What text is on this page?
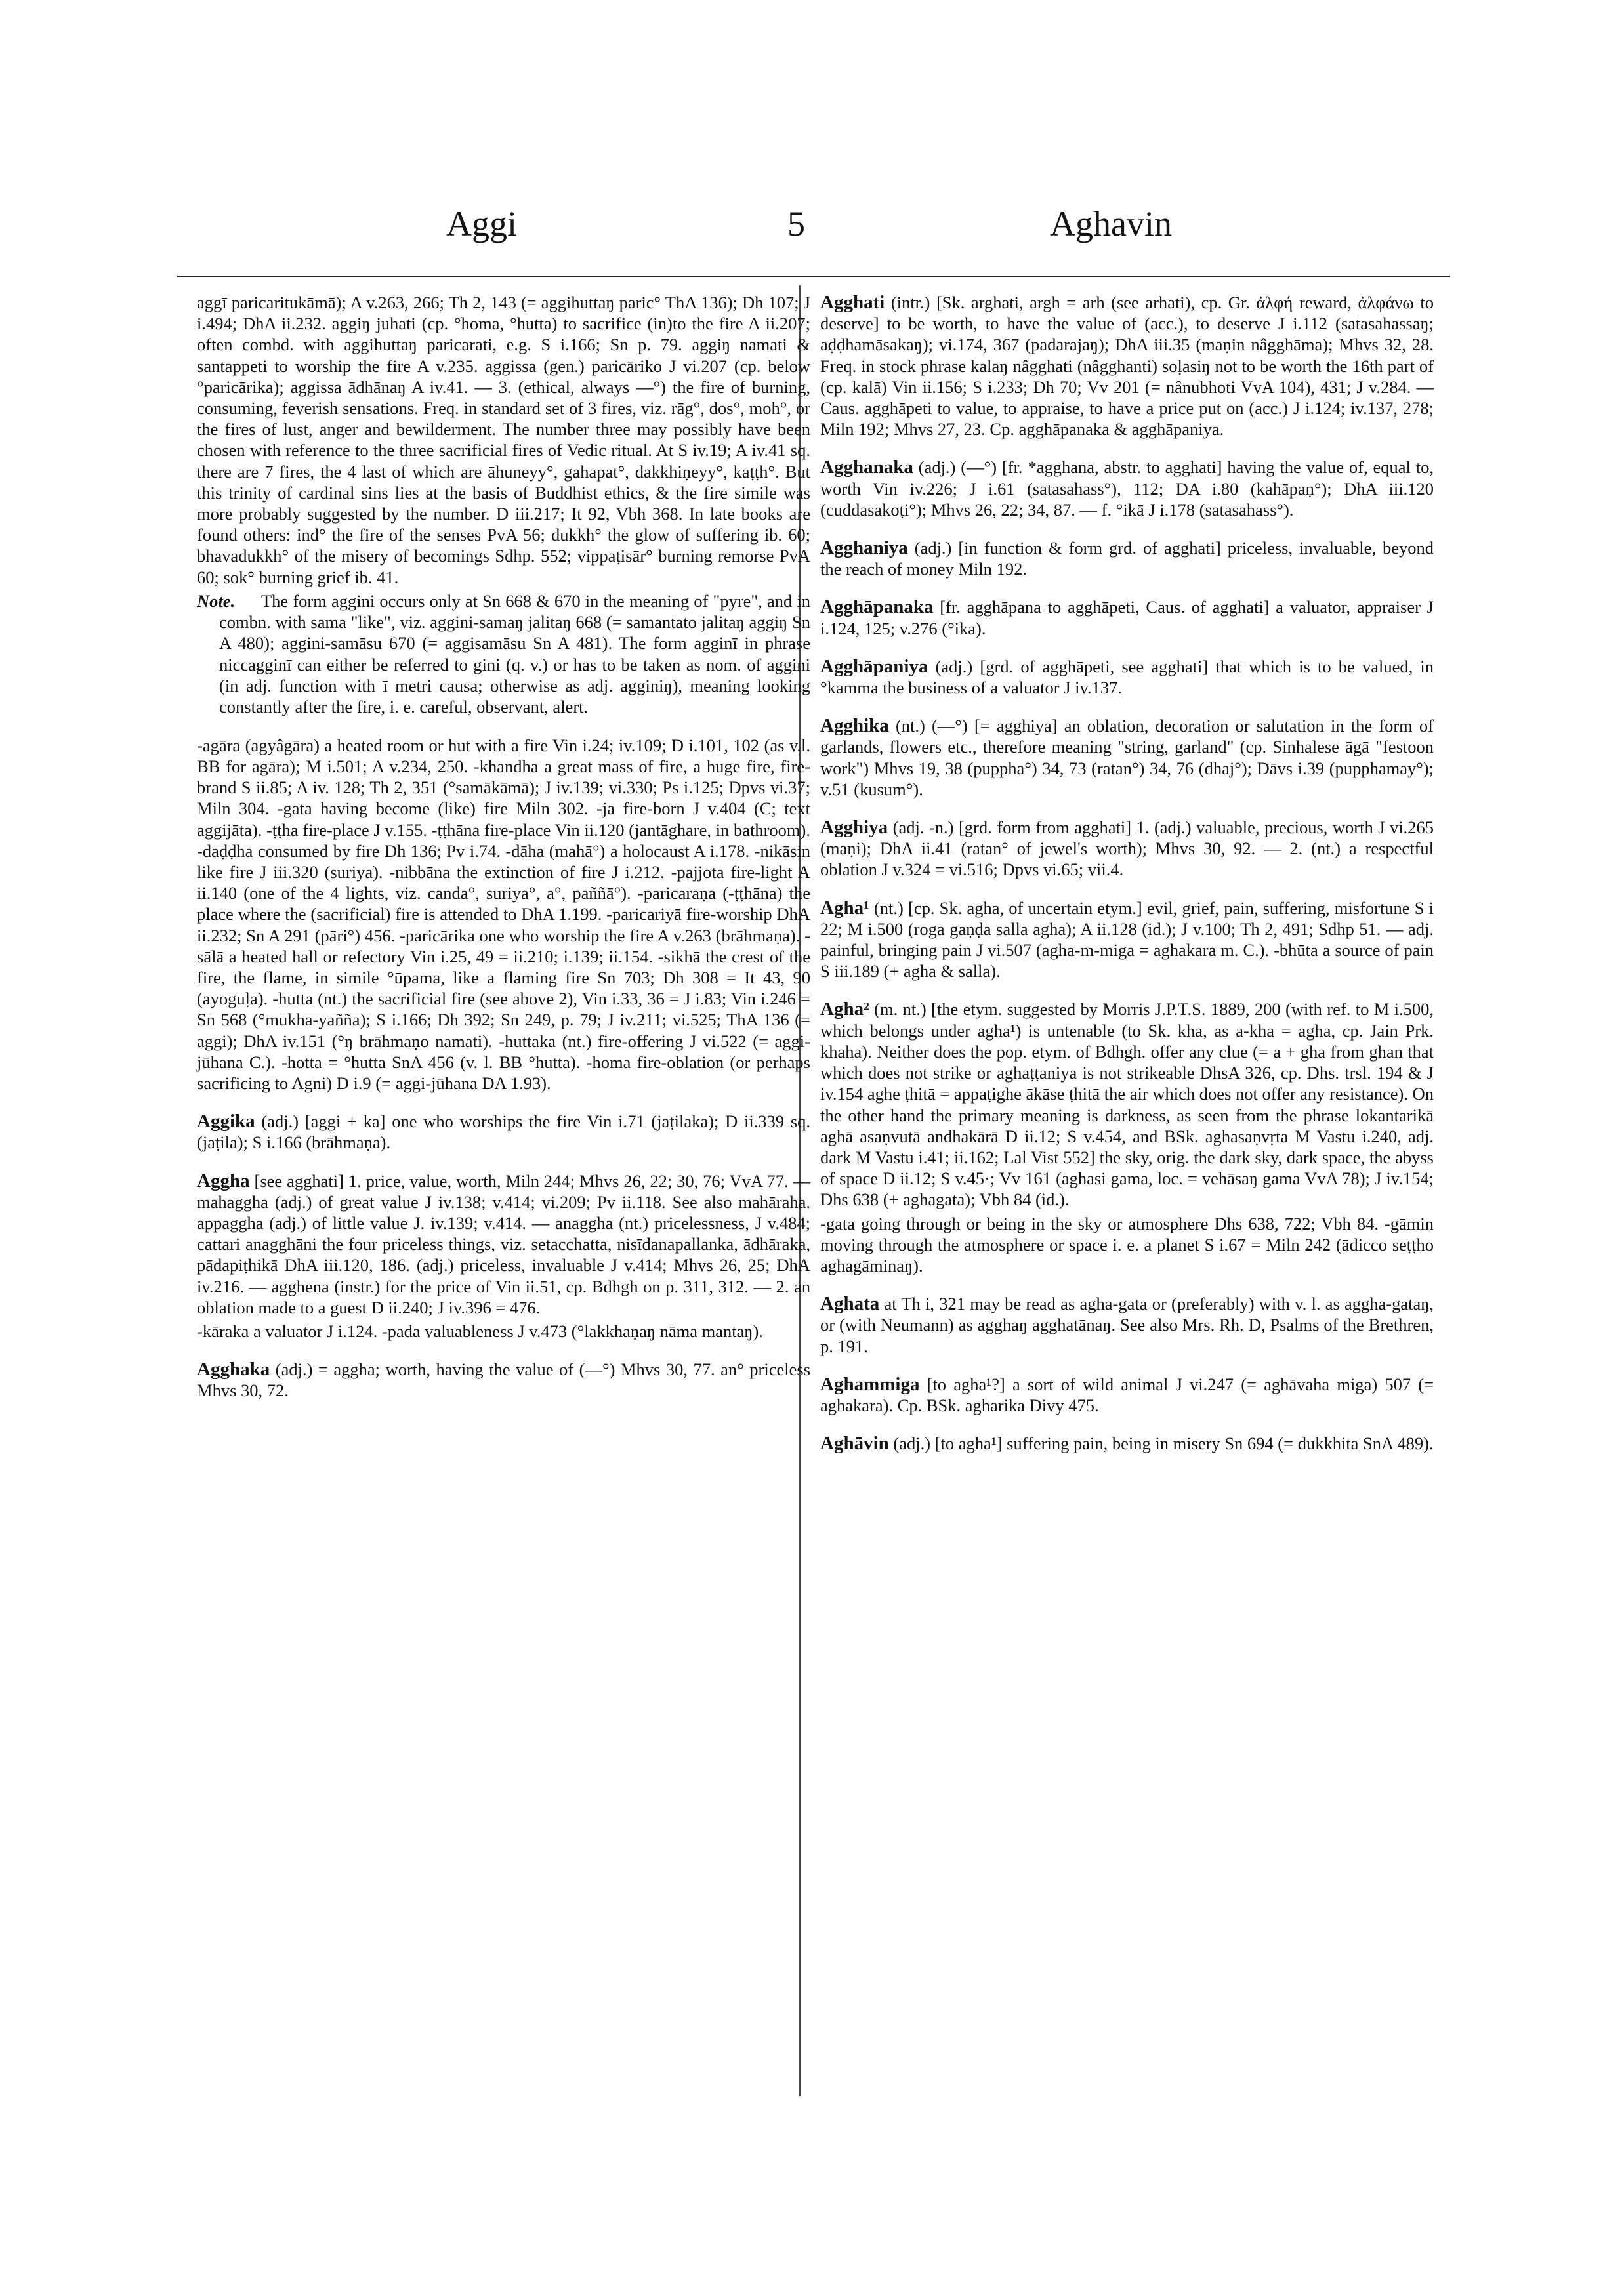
Aggi	5	Aghavin

aggī paricaritukāmā); A v.263, 266; Th 2, 143 (= aggihuttaŋ paric° ThA 136); Dh 107; J i.494; DhA ii.232. aggiŋ juhati (cp. °homa, °hutta) to sacrifice (in)to the fire A ii.207; often combd. with aggihuttaŋ paricarati, e.g. S i.166; Sn p. 79. aggiŋ namati & santappeti to worship the fire A v.235. aggissa (gen.) paricāriko J vi.207 (cp. below °paricārika); aggissa ādhānaŋ A iv.41. — 3. (ethical, always —°) the fire of burning, consuming, feverish sensations. Freq. in standard set of 3 fires, viz. rāg°, dos°, moh°, or the fires of lust, anger and bewilderment. The number three may possibly have been chosen with reference to the three sacrificial fires of Vedic ritual. At S iv.19; A iv.41 sq. there are 7 fires, the 4 last of which are āhuneyy°, gahapat°, dakkhiṇeyy°, kaṭṭh°. But this trinity of cardinal sins lies at the basis of Buddhist ethics, & the fire simile was more probably suggested by the number. D iii.217; It 92, Vbh 368. In late books are found others: ind° the fire of the senses PvA 56; dukkh° the glow of suffering ib. 60; bhavadukkh° of the misery of becomings Sdhp. 552; vippaṭisār° burning remorse PvA 60; sok° burning grief ib. 41.

Note.	The form aggini occurs only at Sn 668 & 670 in the meaning of "pyre", and in combn. with sama "like", viz. aggini-samaŋ jalitaŋ 668 (= samantato jalitaŋ aggiŋ Sn A 480); aggini-samāsu 670 (= aggisamāsu Sn A 481). The form agginī in phrase niccagginī can either be referred to gini (q. v.) or has to be taken as nom. of aggini (in adj. function with ī metri causa; otherwise as adj. agginiŋ), meaning looking constantly after the fire, i. e. careful, observant, alert.

-agāra (agyâgāra) a heated room or hut with a fire Vin i.24; iv.109; D i.101, 102 (as v.l. BB for agāra); M i.501; A v.234, 250. -khandha a great mass of fire, a huge fire, fire-brand S ii.85; A iv. 128; Th 2, 351 (°samākāmā); J iv.139; vi.330; Ps i.125; Dpvs vi.37; Miln 304. -gata having become (like) fire Miln 302. -ja fire-born J v.404 (C; text aggijāta). -ṭṭha fire-place J v.155. -ṭṭhāna fire-place Vin ii.120 (jantāghare, in bathroom). -daḍḍha consumed by fire Dh 136; Pv i.74. -dāha (mahā°) a holocaust A i.178. -nikāsin like fire J iii.320 (suriya). -nibbāna the extinction of fire J i.212. -pajjota fire-light A ii.140 (one of the 4 lights, viz. canda°, suriya°, a°, paññā°). -paricaraṇa (-ṭṭhāna) the place where the (sacrificial) fire is attended to DhA 1.199. -paricariyā fire-worship DhA ii.232; Sn A 291 (pāri°) 456. -paricārika one who worship the fire A v.263 (brāhmaṇa). -sālā a heated hall or refectory Vin i.25, 49 = ii.210; i.139; ii.154. -sikhā the crest of the fire, the flame, in simile °ūpama, like a flaming fire Sn 703; Dh 308 = It 43, 90 (ayoguḷa). -hutta (nt.) the sacrificial fire (see above 2), Vin i.33, 36 = J i.83; Vin i.246 = Sn 568 (°mukha-yañña); S i.166; Dh 392; Sn 249, p. 79; J iv.211; vi.525; ThA 136 (= aggi); DhA iv.151 (°ŋ brāhmaṇo namati). -huttaka (nt.) fire-offering J vi.522 (= aggi-jūhana C.). -hotta = °hutta SnA 456 (v. l. BB °hutta). -homa fire-oblation (or perhaps sacrificing to Agni) D i.9 (= aggi-jūhana DA 1.93).

Aggika (adj.) [aggi + ka] one who worships the fire Vin i.71 (jaṭilaka); D ii.339 sq. (jaṭila); S i.166 (brāhmaṇa).

Aggha [see agghati] 1. price, value, worth, Miln 244; Mhvs 26, 22; 30, 76; VvA 77. — mahaggha (adj.) of great value J iv.138; v.414; vi.209; Pv ii.118. See also mahāraha. appaggha (adj.) of little value J. iv.139; v.414. — anaggha (nt.) pricelessness, J v.484; cattari anagghāni the four priceless things, viz. setacchatta, nisīdanapallanka, ādhāraka, pādapiṭhikā DhA iii.120, 186. (adj.) priceless, invaluable J v.414; Mhvs 26, 25; DhA iv.216. — agghena (instr.) for the price of Vin ii.51, cp. Bdhgh on p. 311, 312. — 2. an oblation made to a guest D ii.240; J iv.396 = 476.

-kāraka a valuator J i.124. -pada valuableness J v.473 (°lakkhaṇaŋ nāma mantaŋ).

Agghaka (adj.) = aggha; worth, having the value of (—°) Mhvs 30, 77. an° priceless Mhvs 30, 72.

Agghati (intr.) [Sk. arghati, argh = arh (see arhati), cp. Gr. ἀλφή reward, ἀλφάνω to deserve] to be worth, to have the value of (acc.), to deserve J i.112 (satasahassaŋ; aḍḍhamāsakaŋ); vi.174, 367 (padarajaŋ); DhA iii.35 (maṇin nâgghāma); Mhvs 32, 28. Freq. in stock phrase kalaŋ nâgghati (nâgghanti) soḷasiŋ not to be worth the 16th part of (cp. kalā) Vin ii.156; S i.233; Dh 70; Vv 201 (= nânubhoti VvA 104), 431; J v.284. — Caus. agghāpeti to value, to appraise, to have a price put on (acc.) J i.124; iv.137, 278; Miln 192; Mhvs 27, 23. Cp. agghāpanaka & agghāpaniya.

Agghanaka (adj.) (—°) [fr. *agghana, abstr. to agghati] having the value of, equal to, worth Vin iv.226; J i.61 (satasahass°), 112; DA i.80 (kahāpaṇ°); DhA iii.120 (cuddasakoṭi°); Mhvs 26, 22; 34, 87. — f. °ikā J i.178 (satasahass°).

Agghaniya (adj.) [in function & form grd. of agghati] priceless, invaluable, beyond the reach of money Miln 192.

Agghāpanaka [fr. agghāpana to agghāpeti, Caus. of agghati] a valuator, appraiser J i.124, 125; v.276 (°ika).

Agghāpaniya (adj.) [grd. of agghāpeti, see agghati] that which is to be valued, in °kamma the business of a valuator J iv.137.

Agghika (nt.) (—°) [= agghiya] an oblation, decoration or salutation in the form of garlands, flowers etc., therefore meaning "string, garland" (cp. Sinhalese āgā "festoon work") Mhvs 19, 38 (puppha°) 34, 73 (ratan°) 34, 76 (dhaj°); Dāvs i.39 (pupphamay°); v.51 (kusum°).

Agghiya (adj. -n.) [grd. form from agghati] 1. (adj.) valuable, precious, worth J vi.265 (maṇi); DhA ii.41 (ratan° of jewel's worth); Mhvs 30, 92. — 2. (nt.) a respectful oblation J v.324 = vi.516; Dpvs vi.65; vii.4.

Agha¹ (nt.) [cp. Sk. agha, of uncertain etym.] evil, grief, pain, suffering, misfortune S i 22; M i.500 (roga gaṇḍa salla agha); A ii.128 (id.); J v.100; Th 2, 491; Sdhp 51. — adj. painful, bringing pain J vi.507 (agha-m-miga = aghakara m. C.). -bhūta a source of pain S iii.189 (+ agha & salla).

Agha² (m. nt.) [the etym. suggested by Morris J.P.T.S. 1889, 200 (with ref. to M i.500, which belongs under agha¹) is untenable (to Sk. kha, as a-kha = agha, cp. Jain Prk. khaha). Neither does the pop. etym. of Bdhgh. offer any clue (= a + gha from ghan that which does not strike or aghaṭṭaniya is not strikeable DhsA 326, cp. Dhs. trsl. 194 & J iv.154 aghe ṭhitā = appaṭighe ākāse ṭhitā the air which does not offer any resistance). On the other hand the primary meaning is darkness, as seen from the phrase lokantarikā aghā asaṇvutā andhakārā D ii.12; S v.454, and BSk. aghasaṇvṛta M Vastu i.240, adj. dark M Vastu i.41; ii.162; Lal Vist 552] the sky, orig. the dark sky, dark space, the abyss of space D ii.12; S v.45·; Vv 161 (aghasi gama, loc. = vehāsaŋ gama VvA 78); J iv.154; Dhs 638 (+ aghagata); Vbh 84 (id.).

-gata going through or being in the sky or atmosphere Dhs 638, 722; Vbh 84. -gāmin moving through the atmosphere or space i. e. a planet S i.67 = Miln 242 (ādicco seṭṭho aghagāminaŋ).

Aghata at Th i, 321 may be read as agha-gata or (preferably) with v. l. as aggha-gataŋ, or (with Neumann) as agghaŋ agghatānaŋ. See also Mrs. Rh. D, Psalms of the Brethren, p. 191.

Aghammiga [to agha¹?] a sort of wild animal J vi.247 (= aghāvaha miga) 507 (= aghakara). Cp. BSk. agharika Divy 475.

Aghāvin (adj.) [to agha¹] suffering pain, being in misery Sn 694 (= dukkhita SnA 489).
